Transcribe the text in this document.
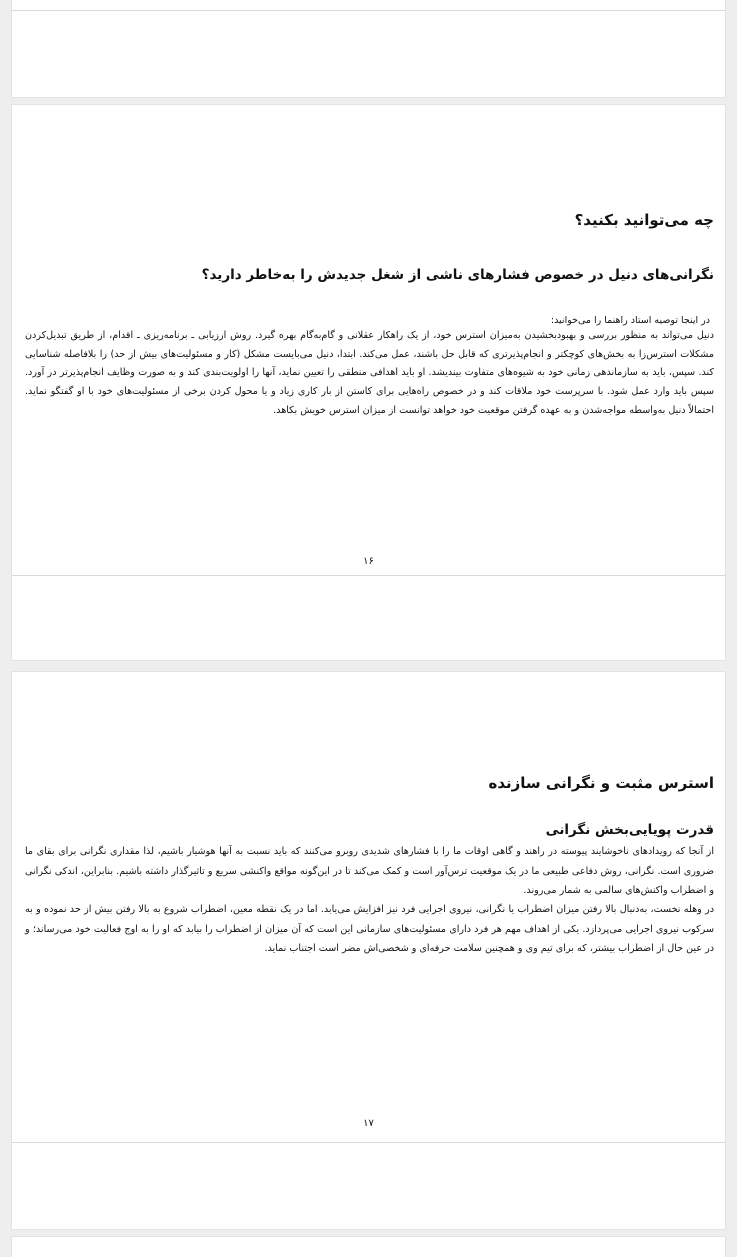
چه می‌توانید بکنید؟
نگرانی‌های دنیل در خصوص فشارهای ناشی از شغل جدیدش را به‌خاطر دارید؟
در اینجا توصیه استاد راهنما را می‌خوانید:

دنیل می‌تواند به منظور بررسی و بهبودبخشیدن به‌میزان استرس خود، از یک راهکار عقلانی و گام‌به‌گام بهره گیرد. روش ارزیابی ـ برنامه‌ریزی ـ اقدام، از طریق تبدیل‌کردن مشکلات استرس‌زا به بخش‌های کوچکتر و انجام‌پذیرتری که قابل حل باشند، عمل می‌کند. ابتدا، دنیل می‌بایست مشکل (کار و مسئولیت‌های بیش از حد) را بلافاصله شناسایی کند. سپس، باید به سازماندهی زمانی خود به شیوه‌های متفاوت بیندیشد. او باید اهدافی منطقی را تعیین نماید، آنها را اولویت‌بندی کند و به صورت وظایف انجام‌پذیرتر در آورد. سپس باید وارد عمل شود. با سرپرست خود ملاقات کند و در خصوص راه‌هایی برای کاستن از بار کاری زیاد و یا محول کردن برخی از مسئولیت‌های خود با او گفتگو نماید. احتمالاً دنیل به‌واسطه مواجه‌شدن و به عهده گرفتن موقعیت خود خواهد توانست از میزان استرس خویش بکاهد.

۱۶
استرس مثبت و نگرانی سازنده
قدرت پویایی‌بخش نگرانی

از آنجا که رویدادهای ناخوشایند پیوسته در راهند و گاهی اوقات ما را با فشارهای شدیدی روبرو می‌کنند که باید نسبت به آنها هوشیار باشیم، لذا مقداری نگرانی برای بقای ما ضروری است. نگرانی، روش دفاعی طبیعی ما در یک موقعیت ترس‌آور است و کمک می‌کند تا در این‌گونه مواقع واکنشی سریع و تاثیرگذار داشته باشیم. بنابراین، اندکی نگرانی و اضطراب واکنش‌های سالمی به شمار می‌روند.

در وهله نخست، به‌دنبال بالا رفتن میزان اضطراب یا نگرانی، نیروی اجرایی فرد نیز افزایش می‌یابد. اما در یک نقطه معین، اضطراب شروع به بالا رفتن بیش از حد نموده و به سرکوب نیروی اجرایی می‌پردازد. یکی از اهداف مهم هر فرد دارای مسئولیت‌های سازمانی این است که آن میزان از اضطراب را بیابد که او را به اوج فعالیت خود می‌رساند؛ و در عین حال از اضطراب بیشتر، که برای تیم وی و همچنین سلامت حرفه‌ای و شخصی‌اش مضر است اجتناب نماید.

۱۷
